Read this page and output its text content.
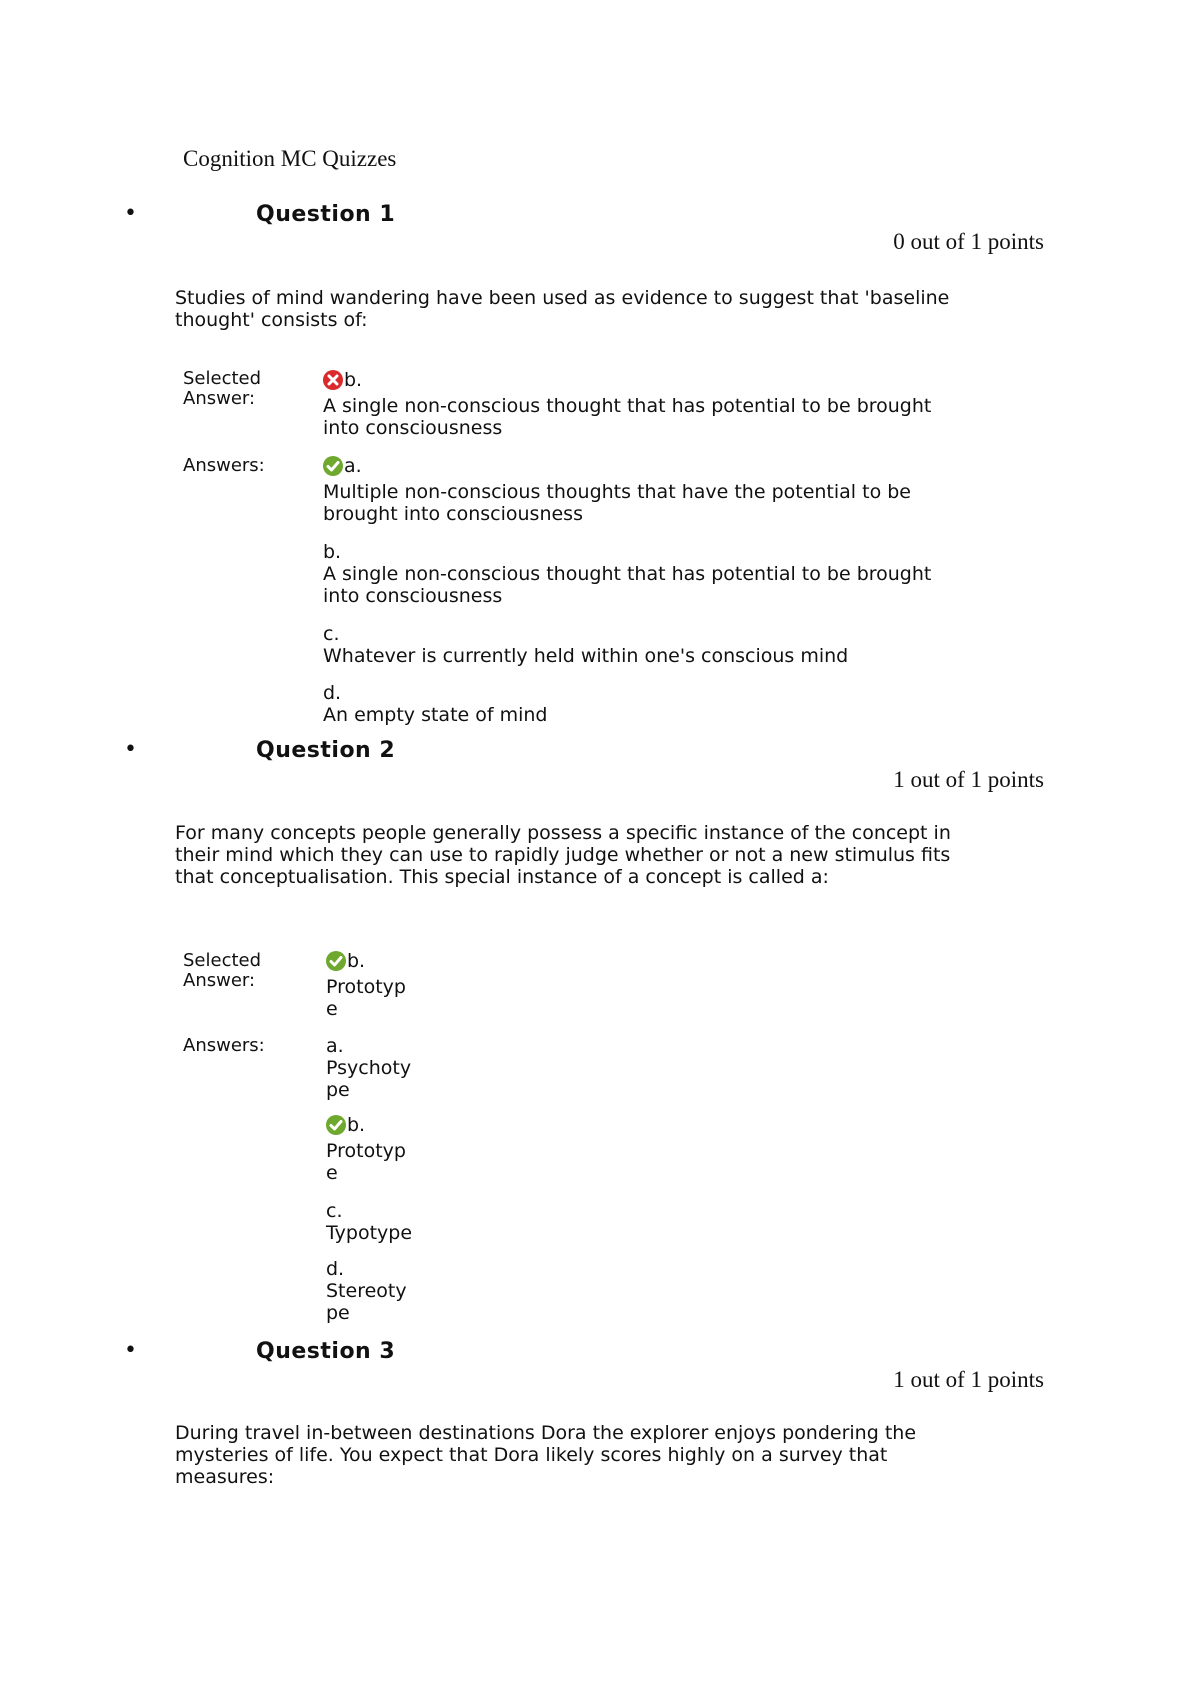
Cognition MC Quizzes
•	Question 1
0 out of 1 points
Studies of mind wandering have been used as evidence to suggest that 'baseline thought' consists of:
Selected Answer:
b.
A single non-conscious thought that has potential to be brought into consciousness
Answers:	a.
Multiple non-conscious thoughts that have the potential to be brought into consciousness
b.
A single non-conscious thought that has potential to be brought into consciousness
c.
Whatever is currently held within one's conscious mind
d.
An empty state of mind
•	Question 2
1 out of 1 points
For many concepts people generally possess a specific instance of the concept in their mind which they can use to rapidly judge whether or not a new stimulus fits that conceptualisation. This special instance of a concept is called a:
Selected Answer:
b.
Prototyp e
Answers:	a.
Psychoty pe
b.
Prototyp e
c.
Typotype
d.
Stereoty pe
•	Question 3
1 out of 1 points
During travel in-between destinations Dora the explorer enjoys pondering the mysteries of life. You expect that Dora likely scores highly on a survey that measures:
